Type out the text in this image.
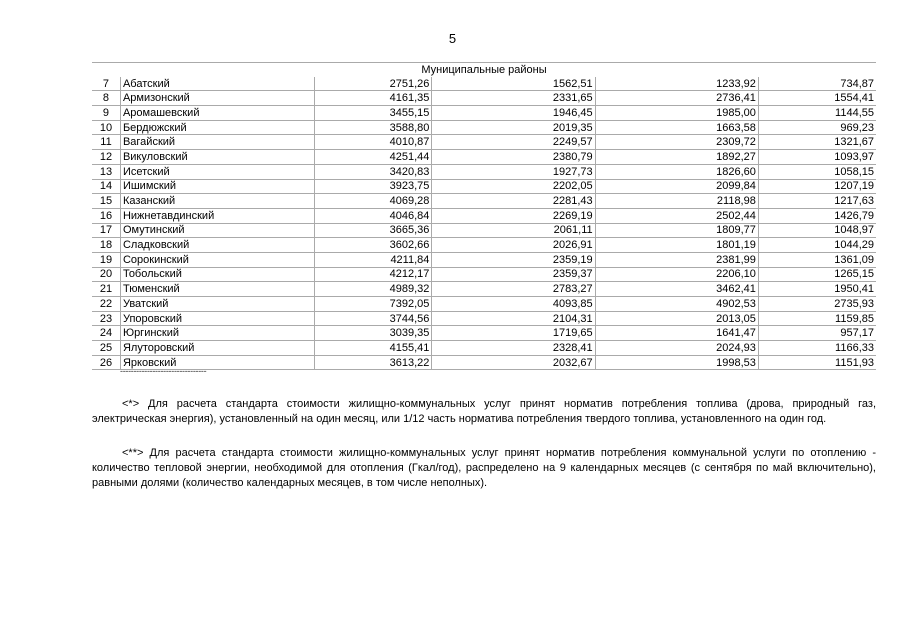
5
Муниципальные районы					
7	Абатский	2751,26	1562,51	1233,92	734,87
8	Армизонский	4161,35	2331,65	2736,41	1554,41
9	Аромашевский	3455,15	1946,45	1985,00	1144,55
10	Бердюжский	3588,80	2019,35	1663,58	969,23
11	Вагайский	4010,87	2249,57	2309,72	1321,67
12	Викуловский	4251,44	2380,79	1892,27	1093,97
13	Исетский	3420,83	1927,73	1826,60	1058,15
14	Ишимский	3923,75	2202,05	2099,84	1207,19
15	Казанский	4069,28	2281,43	2118,98	1217,63
16	Нижнетавдинский	4046,84	2269,19	2502,44	1426,79
17	Омутинский	3665,36	2061,11	1809,77	1048,97
18	Сладковский	3602,66	2026,91	1801,19	1044,29
19	Сорокинский	4211,84	2359,19	2381,99	1361,09
20	Тобольский	4212,17	2359,37	2206,10	1265,15
21	Тюменский	4989,32	2783,27	3462,41	1950,41
22	Уватский	7392,05	4093,85	4902,53	2735,93
23	Упоровский	3744,56	2104,31	2013,05	1159,85
24	Юргинский	3039,35	1719,65	1641,47	957,17
25	Ялуторовский	4155,41	2328,41	2024,93	1166,33
26	Ярковский	3613,22	2032,67	1998,53	1151,93
--------------------------------

<*> Для расчета стандарта стоимости жилищно-коммунальных услуг принят норматив потребления топлива (дрова, природный газ, электрическая энергия), установленный на один месяц, или 1/12 часть норматива потребления твердого топлива, установленного на один год.

<**> Для расчета стандарта стоимости жилищно-коммунальных услуг принят норматив потребления коммунальной услуги по отоплению - количество тепловой энергии, необходимой для отопления (Гкал/год), распределено на 9 календарных месяцев (с сентября по май включительно), равными долями (количество календарных месяцев, в том числе неполных).
